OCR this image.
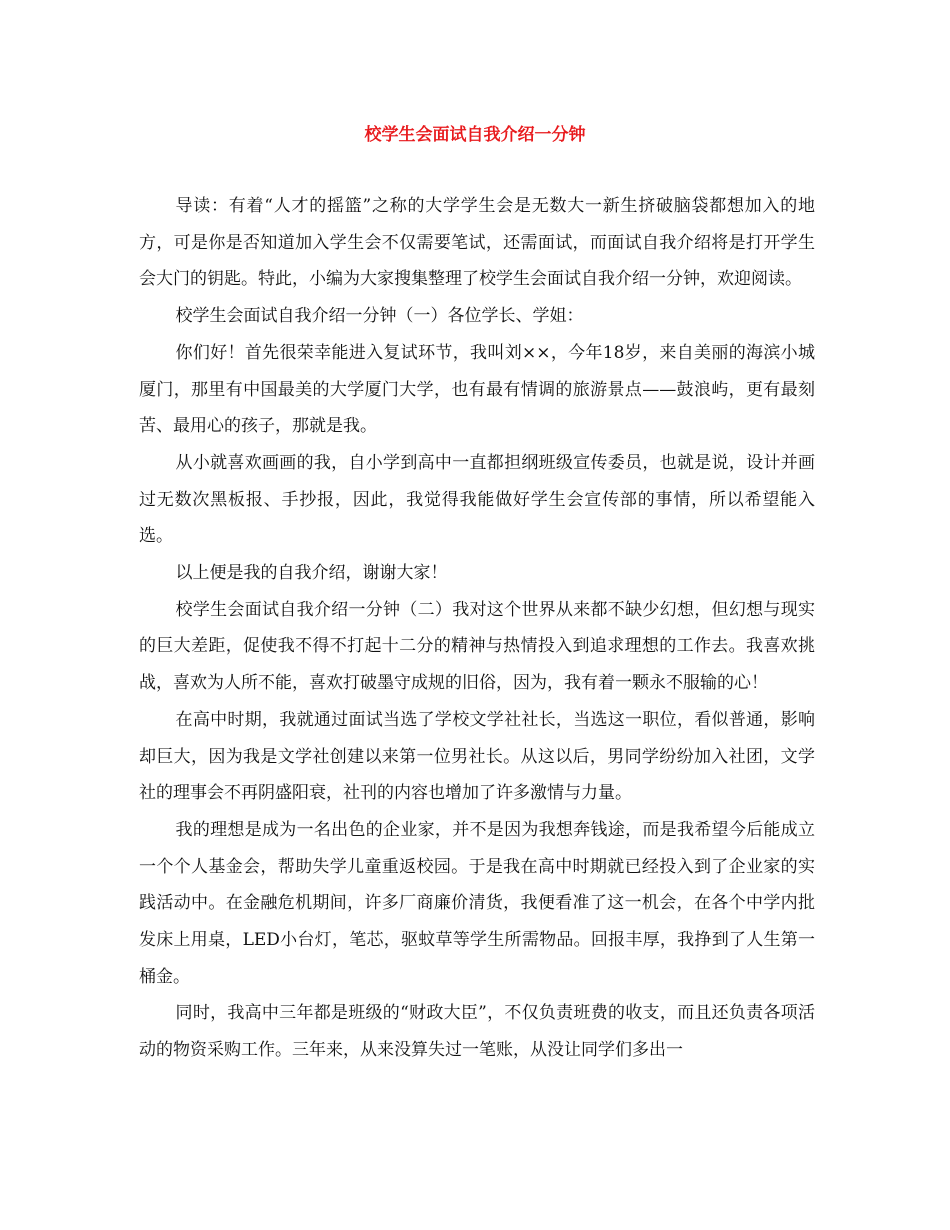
校学生会面试自我介绍一分钟

导读：有着“人才的摇篮”之称的大学学生会是无数大一新生挤破脑袋都想加入的地方，可是你是否知道加入学生会不仅需要笔试，还需面试，而面试自我介绍将是打开学生会大门的钥匙。特此，小编为大家搜集整理了校学生会面试自我介绍一分钟，欢迎阅读。

校学生会面试自我介绍一分钟（一）各位学长、学姐：

你们好！首先很荣幸能进入复试环节，我叫刘××，今年18岁，来自美丽的海滨小城厦门，那里有中国最美的大学厦门大学，也有最有情调的旅游景点——鼓浪屿，更有最刻苦、最用心的孩子，那就是我。

从小就喜欢画画的我，自小学到高中一直都担纲班级宣传委员，也就是说，设计并画过无数次黑板报、手抄报，因此，我觉得我能做好学生会宣传部的事情，所以希望能入选。

以上便是我的自我介绍，谢谢大家！

校学生会面试自我介绍一分钟（二）我对这个世界从来都不缺少幻想，但幻想与现实的巨大差距，促使我不得不打起十二分的精神与热情投入到追求理想的工作去。我喜欢挑战，喜欢为人所不能，喜欢打破墨守成规的旧俗，因为，我有着一颗永不服输的心！

在高中时期，我就通过面试当选了学校文学社社长，当选这一职位，看似普通，影响却巨大，因为我是文学社创建以来第一位男社长。从这以后，男同学纷纷加入社团，文学社的理事会不再阴盛阳衰，社刊的内容也增加了许多激情与力量。

我的理想是成为一名出色的企业家，并不是因为我想奔钱途，而是我希望今后能成立一个个人基金会，帮助失学儿童重返校园。于是我在高中时期就已经投入到了企业家的实践活动中。在金融危机期间，许多厂商廉价清货，我便看准了这一机会，在各个中学内批发床上用桌，LED小台灯，笔芯，驱蚊草等学生所需物品。回报丰厚，我挣到了人生第一桶金。

同时，我高中三年都是班级的“财政大臣”，不仅负责班费的收支，而且还负责各项活动的物资采购工作。三年来，从来没算失过一笔账，从没让同学们多出一
